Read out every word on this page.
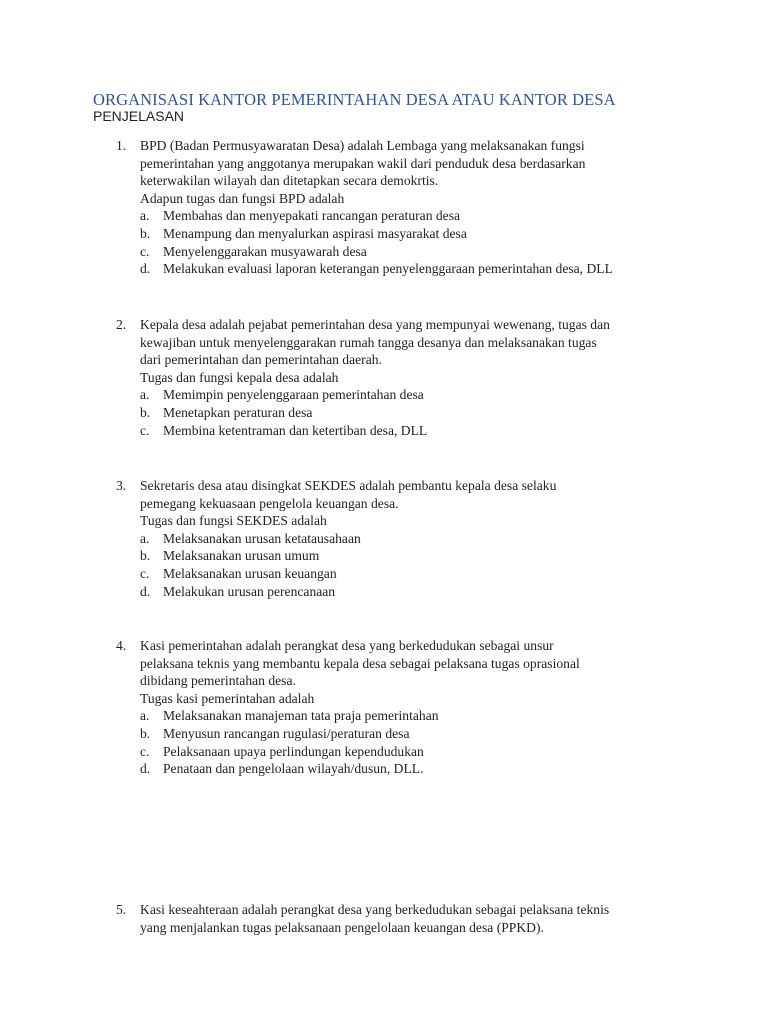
ORGANISASI KANTOR PEMERINTAHAN DESA ATAU KANTOR DESA
PENJELASAN
1. BPD (Badan Permusyawaratan Desa) adalah Lembaga yang melaksanakan fungsi
pemerintahan yang anggotanya merupakan wakil dari penduduk desa berdasarkan
keterwakilan wilayah dan ditetapkan secara demokrtis.
Adapun tugas dan fungsi BPD adalah
a. Membahas dan menyepakati rancangan peraturan desa
b. Menampung dan menyalurkan aspirasi masyarakat desa
c. Menyelenggarakan musyawarah desa
d. Melakukan evaluasi laporan keterangan penyelenggaraan pemerintahan desa, DLL
2. Kepala desa adalah pejabat pemerintahan desa yang mempunyai wewenang, tugas dan
kewajiban untuk menyelenggarakan rumah tangga desanya dan melaksanakan tugas
dari pemerintahan dan pemerintahan daerah.
Tugas dan fungsi kepala desa adalah
a. Memimpin penyelenggaraan pemerintahan desa
b. Menetapkan peraturan desa
c. Membina ketentraman dan ketertiban desa, DLL
3. Sekretaris desa atau disingkat SEKDES adalah pembantu kepala desa selaku
pemegang kekuasaan pengelola keuangan desa.
Tugas dan fungsi SEKDES adalah
a. Melaksanakan urusan ketatausahaan
b. Melaksanakan urusan umum
c. Melaksanakan urusan keuangan
d. Melakukan urusan perencanaan
4. Kasi pemerintahan adalah perangkat desa yang berkedudukan sebagai unsur
pelaksana teknis yang membantu kepala desa sebagai pelaksana tugas oprasional
dibidang pemerintahan desa.
Tugas kasi pemerintahan adalah
a. Melaksanakan manajeman tata praja pemerintahan
b. Menyusun rancangan rugulasi/peraturan desa
c. Pelaksanaan upaya perlindungan kependudukan
d. Penataan dan pengelolaan wilayah/dusun, DLL.
5. Kasi keseahteraan adalah perangkat desa yang berkedudukan sebagai pelaksana teknis
yang menjalankan tugas pelaksanaan pengelolaan keuangan desa (PPKD).
